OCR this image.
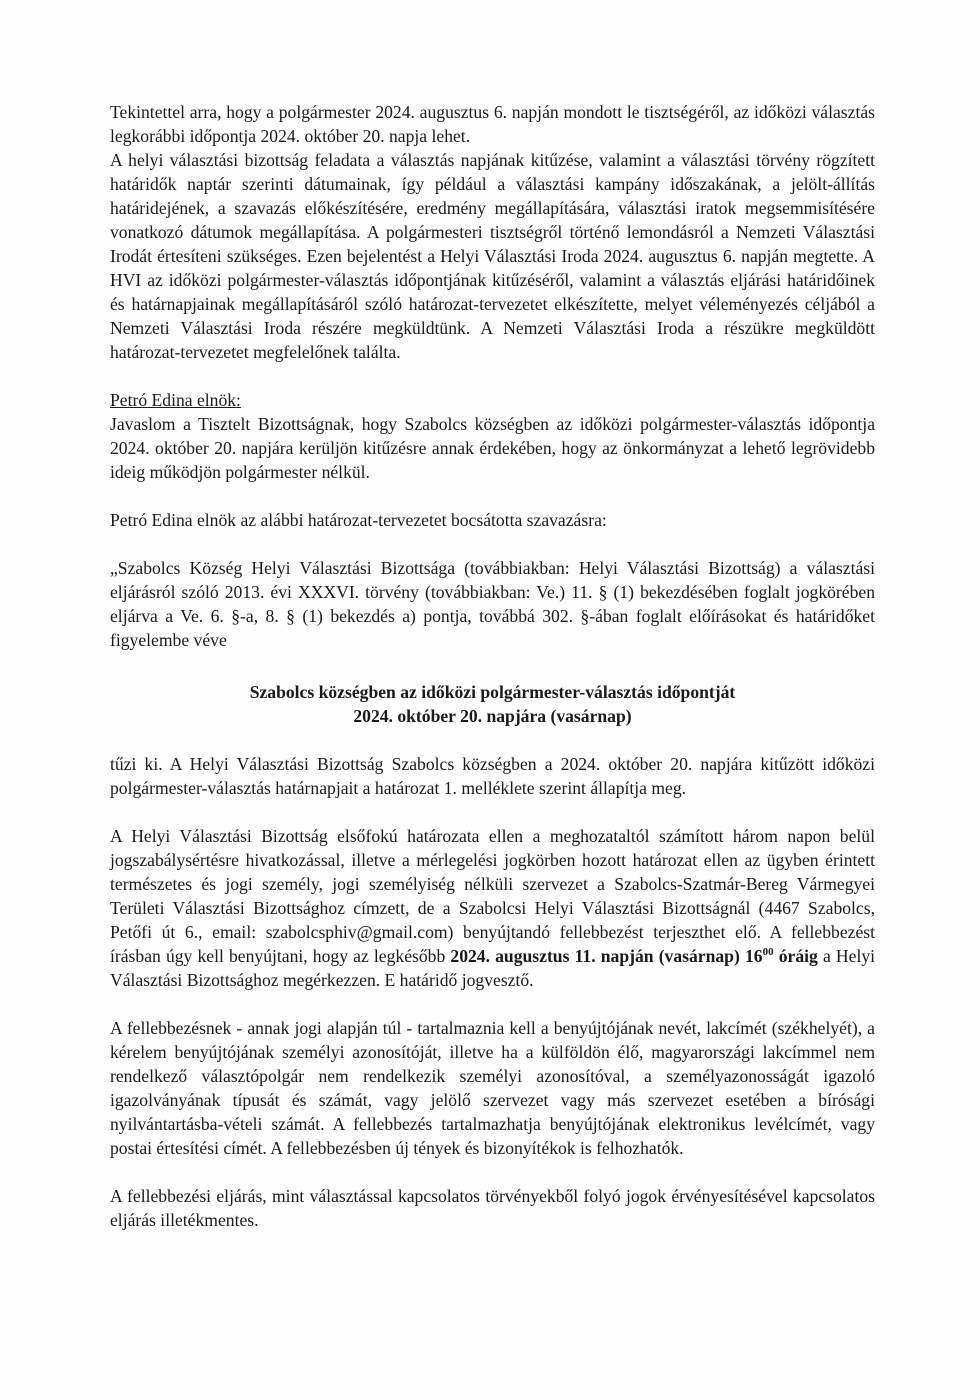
Tekintettel arra, hogy a polgármester 2024. augusztus 6. napján mondott le tisztségéről, az időközi választás legkorábbi időpontja 2024. október 20. napja lehet.

A helyi választási bizottság feladata a választás napjának kitűzése, valamint a választási törvény rögzített határidők naptár szerinti dátumainak, így például a választási kampány időszakának, a jelölt-állítás határidejének, a szavazás előkészítésére, eredmény megállapítására, választási iratok megsemmisítésére vonatkozó dátumok megállapítása. A polgármesteri tisztségről történő lemondásról a Nemzeti Választási Irodát értesíteni szükséges. Ezen bejelentést a Helyi Választási Iroda 2024. augusztus 6. napján megtette. A HVI az időközi polgármester-választás időpontjának kitűzéséről, valamint a választás eljárási határidőinek és határnapjainak megállapításáról szóló határozat-tervezetet elkészítette, melyet véleményezés céljából a Nemzeti Választási Iroda részére megküldtünk. A Nemzeti Választási Iroda a részükre megküldött határozat-tervezetet megfelelőnek találta.

Petró Edina elnök:

Javaslom a Tisztelt Bizottságnak, hogy Szabolcs községben az időközi polgármester-választás időpontja 2024. október 20. napjára kerüljön kitűzésre annak érdekében, hogy az önkormányzat a lehető legrövidebb ideig működjön polgármester nélkül.

Petró Edina elnök az alábbi határozat-tervezetet bocsátotta szavazásra:

„Szabolcs Község Helyi Választási Bizottsága (továbbiakban: Helyi Választási Bizottság) a választási eljárásról szóló 2013. évi XXXVI. törvény (továbbiakban: Ve.) 11. § (1) bekezdésében foglalt jogkörében eljárva a Ve. 6. §-a, 8. § (1) bekezdés a) pontja, továbbá 302. §-ában foglalt előírásokat és határidőket figyelembe véve

Szabolcs községben az időközi polgármester-választás időpontját
2024. október 20. napjára (vasárnap)

tűzi ki. A Helyi Választási Bizottság Szabolcs községben a 2024. október 20. napjára kitűzött időközi polgármester-választás határnapjait a határozat 1. melléklete szerint állapítja meg.

A Helyi Választási Bizottság elsőfokú határozata ellen a meghozataltól számított három napon belül jogszabálysértésre hivatkozással, illetve a mérlegelési jogkörben hozott határozat ellen az ügyben érintett természetes és jogi személy, jogi személyiség nélküli szervezet a Szabolcs-Szatmár-Bereg Vármegyei Területi Választási Bizottsághoz címzett, de a Szabolcsi Helyi Választási Bizottságnál (4467 Szabolcs, Petőfi út 6., email: szabolcsphiv@gmail.com) benyújtandó fellebbezést terjeszthet elő. A fellebbezést írásban úgy kell benyújtani, hogy az legkésőbb 2024. augusztus 11. napján (vasárnap) $16^{00}$ óráig a Helyi Választási Bizottsághoz megérkezzen. E határidő jogvesztő.

A fellebbezésnek - annak jogi alapján túl - tartalmaznia kell a benyújtójának nevét, lakcímét (székhelyét), a kérelem benyújtójának személyi azonosítóját, illetve ha a külföldön élő, magyarországi lakcímmel nem rendelkező választópolgár nem rendelkezik személyi azonosítóval, a személyazonosságát igazoló igazolványának típusát és számát, vagy jelölő szervezet vagy más szervezet esetében a bírósági nyilvántartásba-vételi számát. A fellebbezés tartalmazhatja benyújtójának elektronikus levélcímét, vagy postai értesítési címét. A fellebbezésben új tények és bizonyítékok is felhozhatók.

A fellebbezési eljárás, mint választással kapcsolatos törvényekből folyó jogok érvényesítésével kapcsolatos eljárás illetékmentes.
